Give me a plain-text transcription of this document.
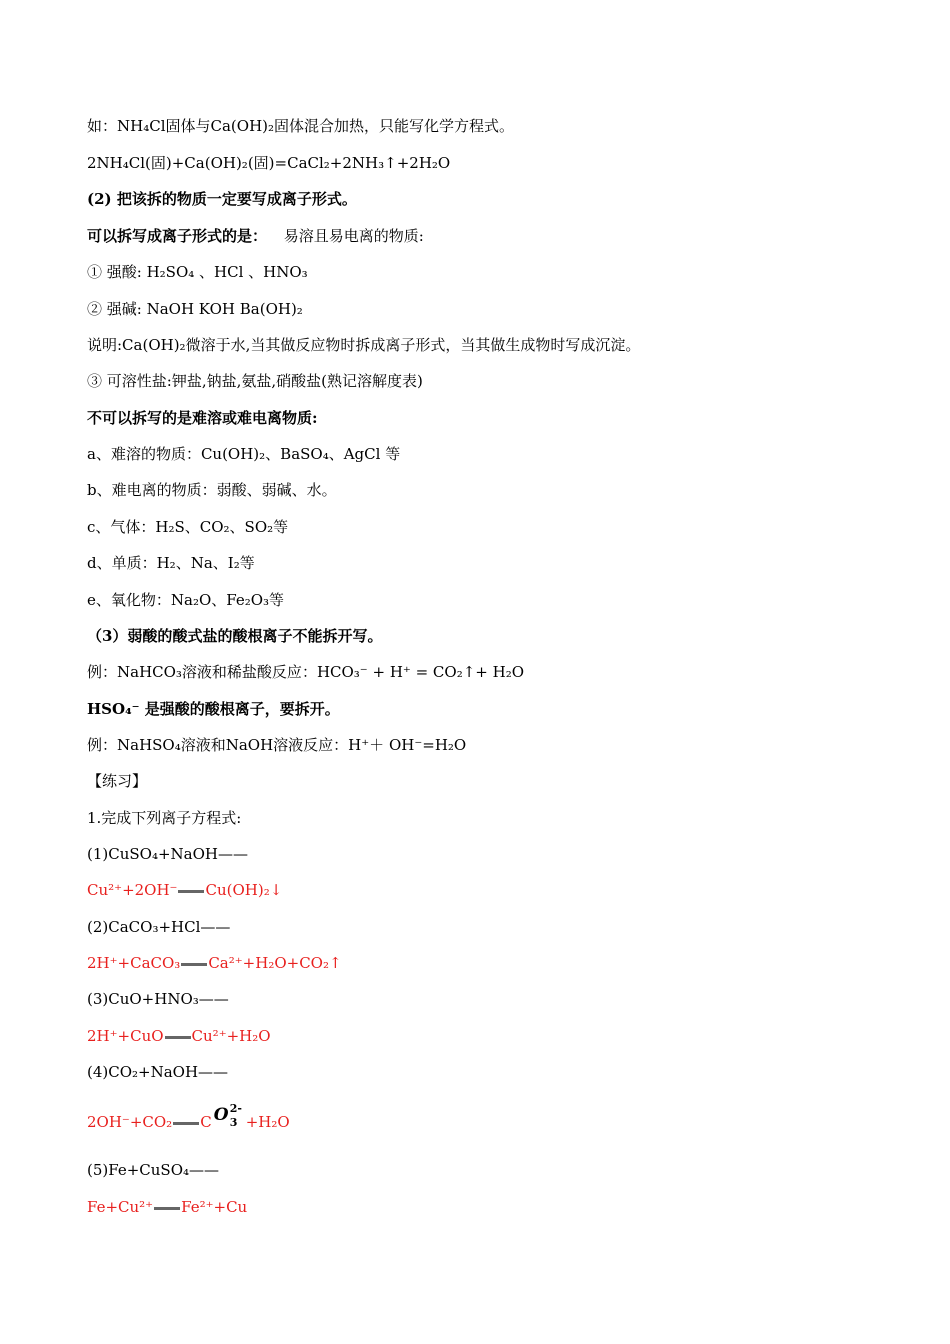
如：NH₄Cl固体与Ca(OH)₂固体混合加热，只能写化学方程式。
2NH₄Cl(固)+Ca(OH)₂(固)=CaCl₂+2NH₃↑+2H₂O
(2) 把该拆的物质一定要写成离子形式。
可以拆写成离子形式的是： 易溶且易电离的物质:
① 强酸: H₂SO₄ 、HCl 、HNO₃
② 强碱: NaOH KOH Ba(OH)₂
说明:Ca(OH)₂微溶于水,当其做反应物时拆成离子形式，当其做生成物时写成沉淀。
③ 可溶性盐:钾盐,钠盐,氨盐,硝酸盐(熟记溶解度表)
不可以拆写的是难溶或难电离物质:
a、难溶的物质：Cu(OH)₂、BaSO₄、AgCl 等
b、难电离的物质：弱酸、弱碱、水。
c、气体：H₂S、CO₂、SO₂等
d、单质：H₂、Na、I₂等
e、氧化物：Na₂O、Fe₂O₃等
（3）弱酸的酸式盐的酸根离子不能拆开写。
例：NaHCO₃溶液和稀盐酸反应：HCO₃⁻ + H⁺ = CO₂↑+ H₂O
HSO₄⁻ 是强酸的酸根离子，要拆开。
例：NaHSO₄溶液和NaOH溶液反应：H⁺＋ OH⁻=H₂O
【练习】
1.完成下列离子方程式:
(1)CuSO₄+NaOH——
Cu²⁺+2OH⁻ Cu(OH)₂↓
(2)CaCO₃+HCl——
2H⁺+CaCO₃ Ca²⁺+H₂O+CO₂↑
(3)CuO+HNO₃——
2H⁺+CuO Cu²⁺+H₂O
(4)CO₂+NaOH——
2OH⁻+CO₂ C O 2-
3 +H₂O
(5)Fe+CuSO₄——
Fe+Cu²⁺ Fe²⁺+Cu
